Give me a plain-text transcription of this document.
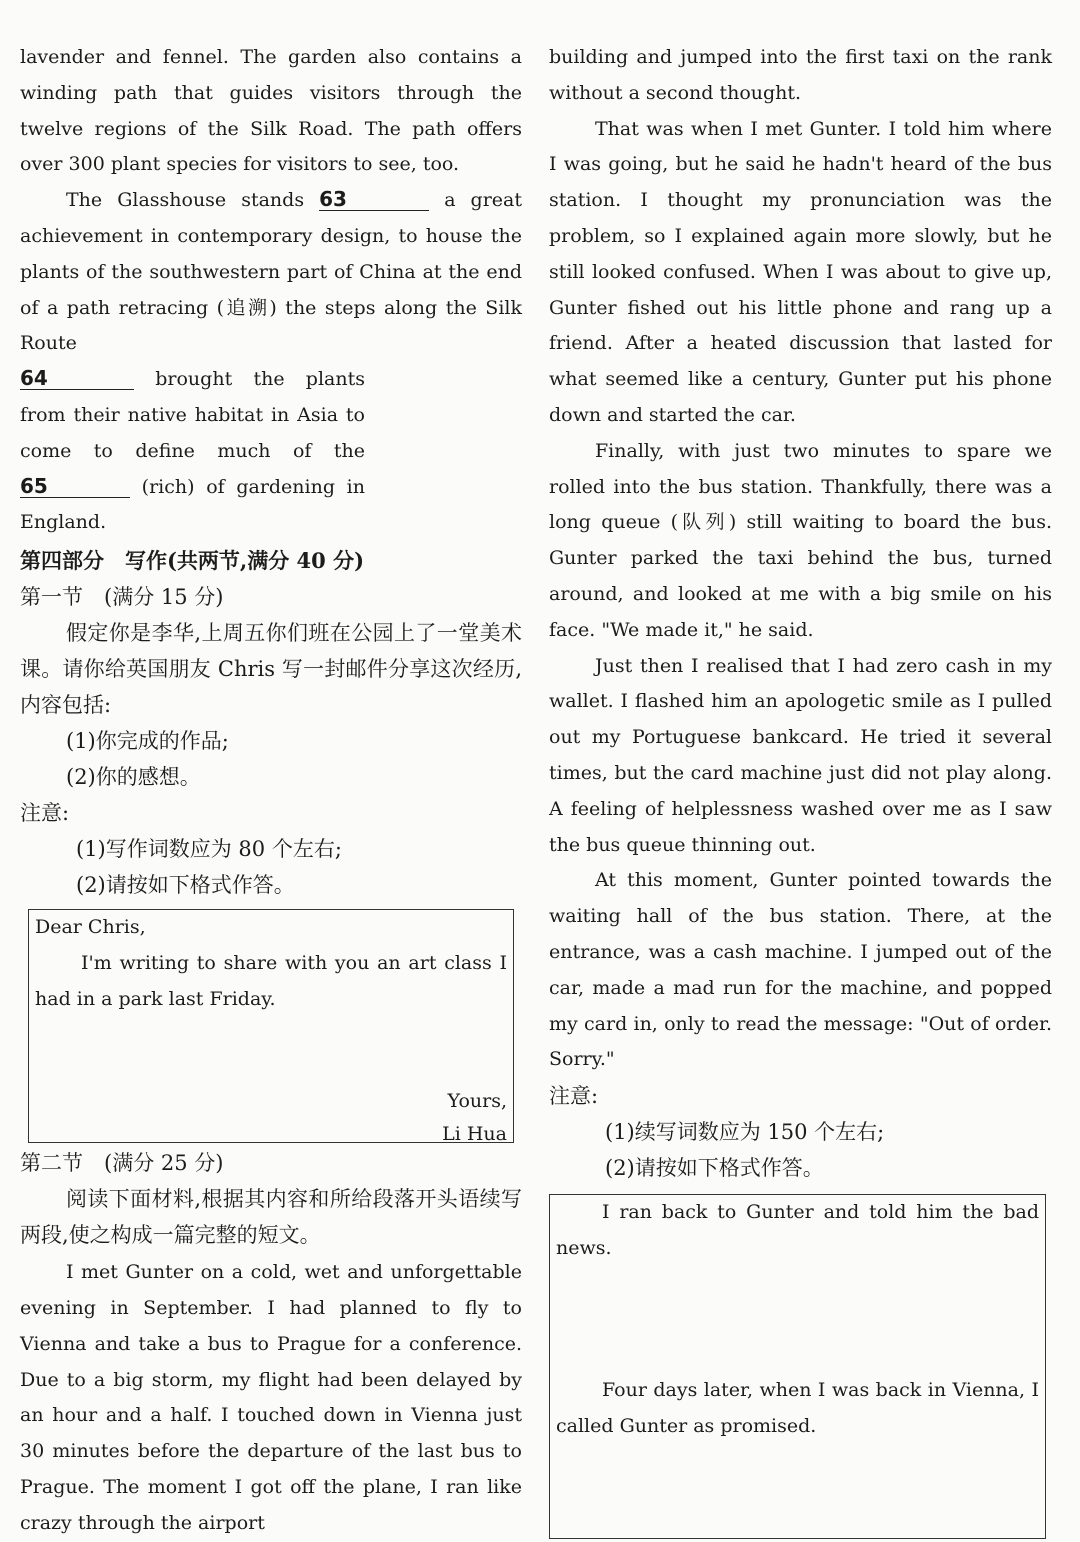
lavender and fennel. The garden also contains a winding path that guides visitors through the twelve regions of the Silk Road. The path offers over 300 plant species for visitors to see, too.

The Glasshouse stands 63	a great achievement in contemporary design, to house the plants of the southwestern part of China at the end of a path retracing (追溯) the steps along the Silk Route

64	brought the plants from their native habitat in Asia to come to define much of the 65	(rich) of gardening in England.

第四部分　写作(共两节,满分 40 分)

第一节　(满分 15 分)

假定你是李华,上周五你们班在公园上了一堂美术课。请你给英国朋友 Chris 写一封邮件分享这次经历,内容包括:

(1)你完成的作品;

(2)你的感想。

注意:

(1)写作词数应为 80 个左右;

(2)请按如下格式作答。

Dear Chris,

I'm writing to share with you an art class I had in a park last Friday.

Yours,
Li Hua

第二节　(满分 25 分)

阅读下面材料,根据其内容和所给段落开头语续写两段,使之构成一篇完整的短文。

I met Gunter on a cold, wet and unforgettable evening in September. I had planned to fly to Vienna and take a bus to Prague for a conference. Due to a big storm, my flight had been delayed by an hour and a half. I touched down in Vienna just 30 minutes before the departure of the last bus to Prague. The moment I got off the plane, I ran like crazy through the airport

building and jumped into the first taxi on the rank without a second thought.

That was when I met Gunter. I told him where I was going, but he said he hadn't heard of the bus station. I thought my pronunciation was the problem, so I explained again more slowly, but he still looked confused. When I was about to give up, Gunter fished out his little phone and rang up a friend. After a heated discussion that lasted for what seemed like a century, Gunter put his phone down and started the car.

Finally, with just two minutes to spare we rolled into the bus station. Thankfully, there was a long queue (队列) still waiting to board the bus. Gunter parked the taxi behind the bus, turned around, and looked at me with a big smile on his face. "We made it," he said.

Just then I realised that I had zero cash in my wallet. I flashed him an apologetic smile as I pulled out my Portuguese bankcard. He tried it several times, but the card machine just did not play along. A feeling of helplessness washed over me as I saw the bus queue thinning out.

At this moment, Gunter pointed towards the waiting hall of the bus station. There, at the entrance, was a cash machine. I jumped out of the car, made a mad run for the machine, and popped my card in, only to read the message: "Out of order. Sorry."

注意:

(1)续写词数应为 150 个左右;

(2)请按如下格式作答。

I ran back to Gunter and told him the bad news.

Four days later, when I was back in Vienna, I called Gunter as promised.
